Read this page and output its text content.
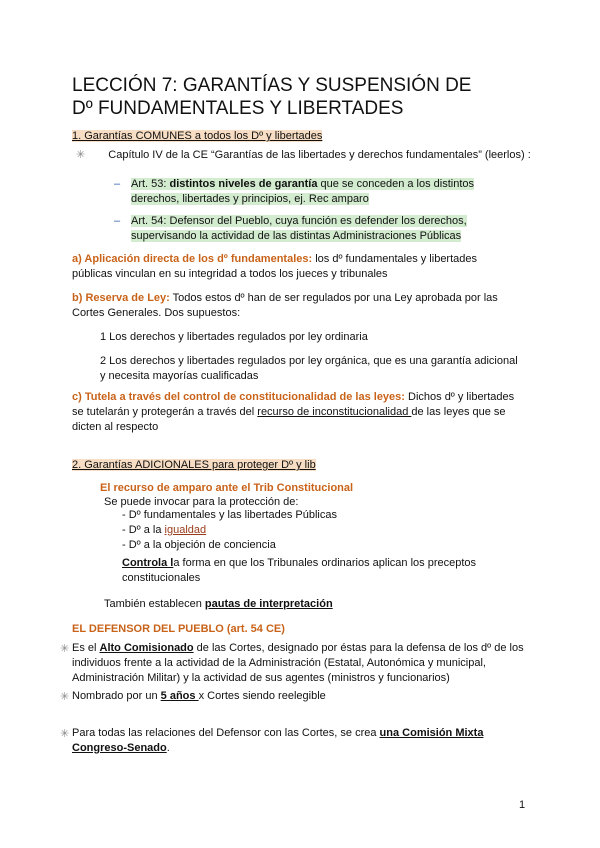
LECCIÓN 7: GARANTÍAS Y SUSPENSIÓN DE
Dº FUNDAMENTALES Y LIBERTADES
1. Garantías COMUNES a todos los Dº y libertades
✳ Capítulo IV de la CE “Garantías de las libertades y derechos fundamentales” (leerlos) :
– Art. 53: distintos niveles de garantía que se conceden a los distintos
derechos, libertades y principios, ej. Rec amparo
– Art. 54: Defensor del Pueblo, cuya función es defender los derechos,
supervisando la actividad de las distintas Administraciones Públicas
a) Aplicación directa de los dº fundamentales: los dº fundamentales y libertades
públicas vinculan en su integridad a todos los jueces y tribunales
b) Reserva de Ley: Todos estos dº han de ser regulados por una Ley aprobada por las
Cortes Generales. Dos supuestos:
1 Los derechos y libertades regulados por ley ordinaria
2 Los derechos y libertades regulados por ley orgánica, que es una garantía adicional
y necesita mayorías cualificadas
c) Tutela a través del control de constitucionalidad de las leyes: Dichos dº y libertades
se tutelarán y protegerán a través del recurso de inconstitucionalidad de las leyes que se
dicten al respecto
2. Garantías ADICIONALES para proteger Dº y lib
El recurso de amparo ante el Trib Constitucional
Se puede invocar para la protección de:
- Dº fundamentales y las libertades Públicas
- Dº a la igualdad
- Dº a la objeción de conciencia
Controla la forma en que los Tribunales ordinarios aplican los preceptos
constitucionales
También establecen pautas de interpretación
EL DEFENSOR DEL PUEBLO (art. 54 CE)
✳ Es el Alto Comisionado de las Cortes, designado por éstas para la defensa de los dº de los
individuos frente a la actividad de la Administración (Estatal, Autonómica y municipal,
Administración Militar) y la actividad de sus agentes (ministros y funcionarios)
✳ Nombrado por un 5 años x Cortes siendo reelegible
✳ Para todas las relaciones del Defensor con las Cortes, se crea una Comisión Mixta
Congreso-Senado.
1
